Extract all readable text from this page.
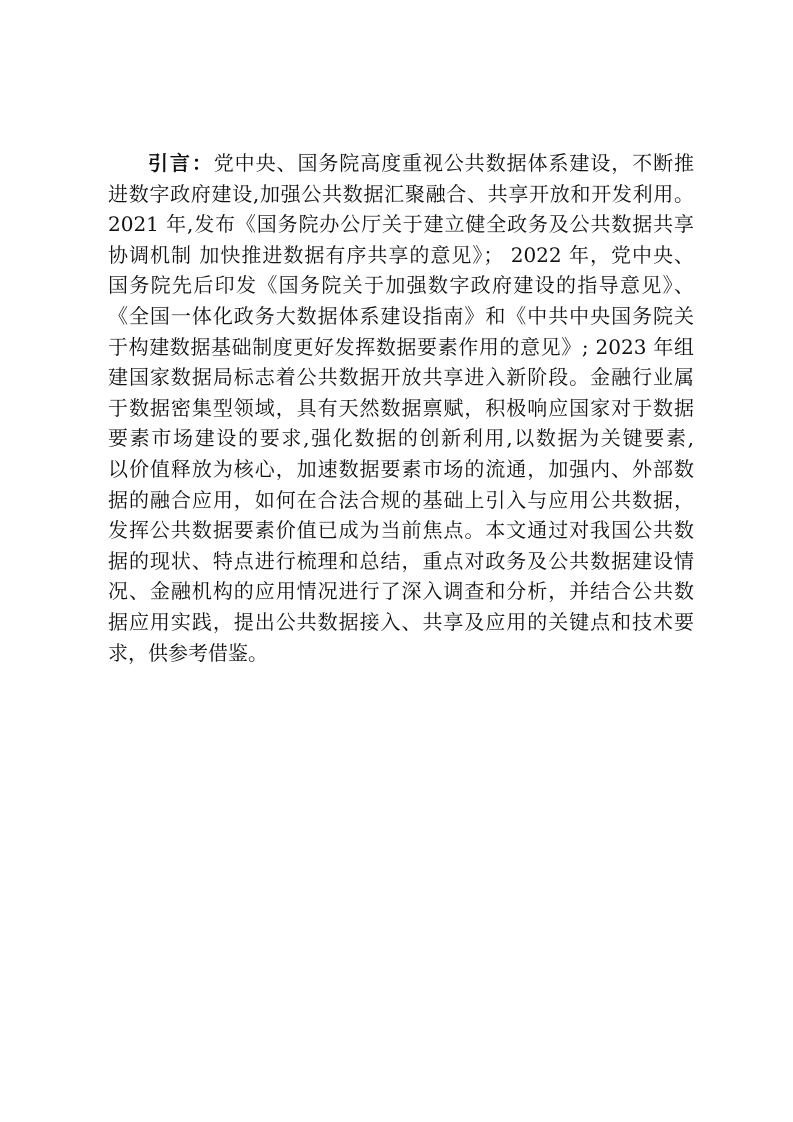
引言：党中央、国务院高度重视公共数据体系建设，不断推
进数字政府建设,加强公共数据汇聚融合、共享开放和开发利用。
2021 年,发布《国务院办公厅关于建立健全政务及公共数据共享
协调机制 加快推进数据有序共享的意见》； 2022 年，党中央、
国务院先后印发《国务院关于加强数字政府建设的指导意见》、
《全国一体化政务大数据体系建设指南》和《中共中央国务院关
于构建数据基础制度更好发挥数据要素作用的意见》; 2023 年组
建国家数据局标志着公共数据开放共享进入新阶段。金融行业属
于数据密集型领域，具有天然数据禀赋，积极响应国家对于数据
要素市场建设的要求,强化数据的创新利用,以数据为关键要素,
以价值释放为核心，加速数据要素市场的流通，加强内、外部数
据的融合应用，如何在合法合规的基础上引入与应用公共数据，
发挥公共数据要素价值已成为当前焦点。本文通过对我国公共数
据的现状、特点进行梳理和总结，重点对政务及公共数据建设情
况、金融机构的应用情况进行了深入调查和分析，并结合公共数
据应用实践，提出公共数据接入、共享及应用的关键点和技术要
求，供参考借鉴。
